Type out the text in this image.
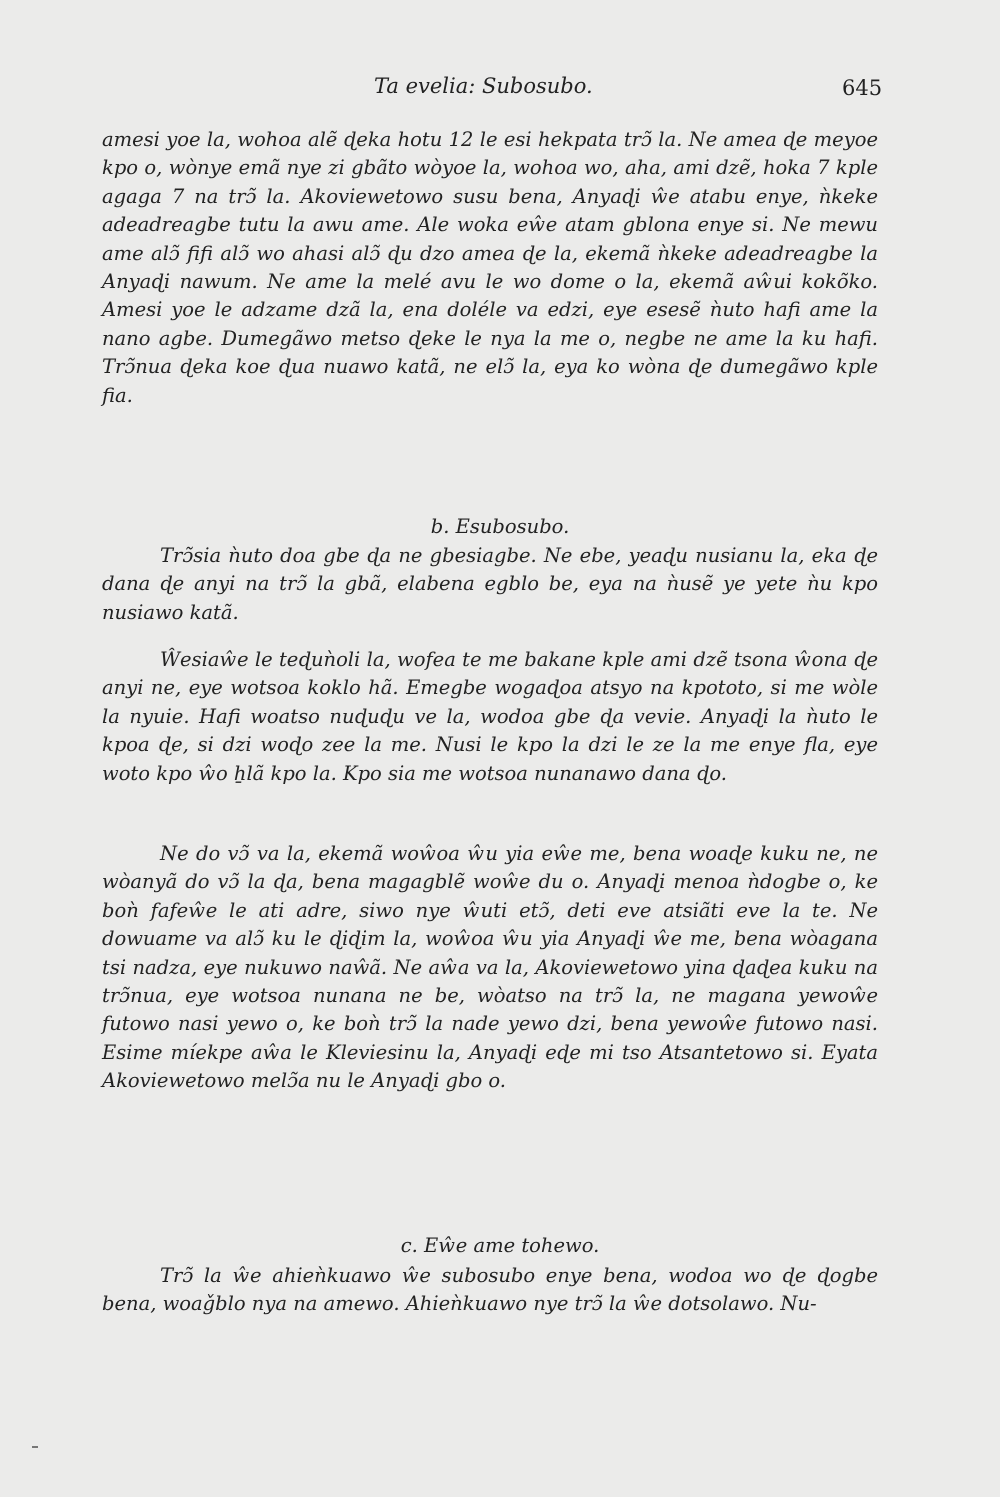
Ta evelia: Subosubo.	645

amesi yoe la, wohoa alẽ ɖeka hotu 12 le esi hekpata trɔ̃ la. Ne amea ɖe meyoe kpo o, wònye emã nye zi gbãto wòyoe la, wohoa wo, aha, ami dzẽ, hoka 7 kple agaga 7 na trɔ̃ la. Akoviewetowo susu bena, Anyaɖi ŵe atabu enye, ǹkeke adeadreagbe tutu la awu ame. Ale woka eŵe atam gblona enye si. Ne mewu ame alɔ̃ fifi alɔ̃ wo ahasi alɔ̃ ɖu dzo amea ɖe la, ekemã ǹkeke adeadreagbe la Anyaɖi nawum. Ne ame la melé avu le wo dome o la, ekemã aŵui kokõko. Amesi yoe le adzame dzã la, ena doléle va edzi, eye esesẽ ǹuto hafi ame la nano agbe. Dumegãwo metso ɖeke le nya la me o, negbe ne ame la ku hafi. Trɔ̃nua ɖeka koe ɖua nuawo katã, ne elɔ̃ la, eya ko wòna ɖe dumegãwo kple fia.

b. Esubosubo.

Trɔ̃sia ǹuto doa gbe ɖa ne gbesiagbe. Ne ebe, yeaɖu nusianu la, eka ɖe dana ɖe anyi na trɔ̃ la gbã, elabena egblo be, eya na ǹusẽ ye yete ǹu kpo nusiawo katã.

Ŵesiaŵe le teɖuǹoli la, wofea te me bakane kple ami dzẽ tsona ŵona ɖe anyi ne, eye wotsoa koklo hã. Emegbe wogaɖoa atsyo na kpototo, si me wòle la nyuie. Hafi woatso nuɖuɖu ve la, wodoa gbe ɖa vevie. Anyaɖi la ǹuto le kpoa ɖe, si dzi woɖo zee la me. Nusi le kpo la dzi le ze la me enye fla, eye woto kpo ŵo ẖlã kpo la. Kpo sia me wotsoa nunanawo dana ɖo.

Ne do vɔ̃ va la, ekemã woŵoa ŵu yia eŵe me, bena woaɖe kuku ne, ne wòanyã do vɔ̃ la ɖa, bena magagblẽ woŵe du o. Anyaɖi menoa ǹdogbe o, ke boǹ fafeŵe le ati adre, siwo nye ŵuti etɔ̃, deti eve atsiãti eve la te. Ne dowuame va alɔ̃ ku le ɖiɖim la, woŵoa ŵu yia Anyaɖi ŵe me, bena wòagana tsi nadza, eye nukuwo naŵã. Ne aŵa va la, Akoviewetowo yina ɖaɖea kuku na trɔ̃nua, eye wotsoa nunana ne be, wòatso na trɔ̃ la, ne magana yewoŵe futowo nasi yewo o, ke boǹ trɔ̃ la nade yewo dzi, bena yewoŵe futowo nasi. Esime míekpe aŵa le Kleviesinu la, Anyaɖi eɖe mi tso Atsantetowo si. Eyata Akoviewetowo melɔ̃a nu le Anyaɖi gbo o.

c. Eŵe ame tohewo.

Trɔ̃ la ŵe ahieǹkuawo ŵe subosubo enye bena, wodoa wo ɖe ɖogbe bena, woaǧblo nya na amewo. Ahieǹkuawo nye trɔ̃ la ŵe dotsolawo. Nu-
